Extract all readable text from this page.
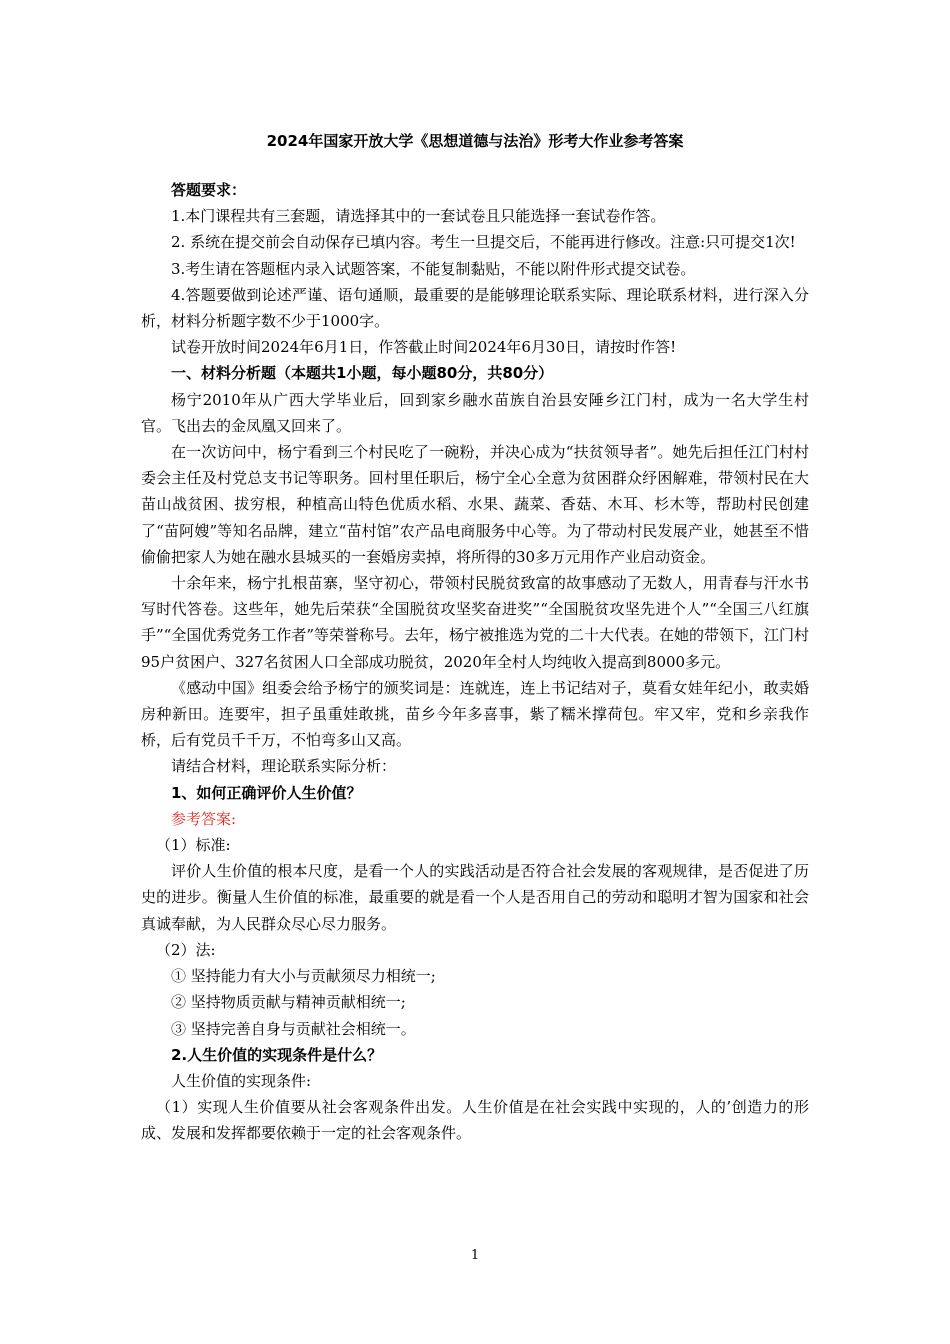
2024年国家开放大学《思想道德与法治》形考大作业参考答案

答题要求：

1.本门课程共有三套题，请选择其中的一套试卷且只能选择一套试卷作答。

2. 系统在提交前会自动保存已填内容。考生一旦提交后，不能再进行修改。注意:只可提交1次!

3.考生请在答题框内录入试题答案，不能复制黏贴，不能以附件形式提交试卷。

4.答题要做到论述严谨、语句通顺，最重要的是能够理论联系实际、理论联系材料，进行深入分析，材料分析题字数不少于1000字。

试卷开放时间2024年6月1日，作答截止时间2024年6月30日，请按时作答!

一、材料分析题（本题共1小题，每小题80分，共80分）

杨宁2010年从广西大学毕业后，回到家乡融水苗族自治县安陲乡江门村，成为一名大学生村官。飞出去的金凤凰又回来了。

在一次访问中，杨宁看到三个村民吃了一碗粉，并决心成为“扶贫领导者”。她先后担任江门村村委会主任及村党总支书记等职务。回村里任职后，杨宁全心全意为贫困群众纾困解难，带领村民在大苗山战贫困、拔穷根，种植高山特色优质水稻、水果、蔬菜、香菇、木耳、杉木等，帮助村民创建了“苗阿嫂”等知名品牌，建立“苗村馆”农产品电商服务中心等。为了带动村民发展产业，她甚至不惜偷偷把家人为她在融水县城买的一套婚房卖掉，将所得的30多万元用作产业启动资金。

十余年来，杨宁扎根苗寨，坚守初心，带领村民脱贫致富的故事感动了无数人，用青春与汗水书写时代答卷。这些年，她先后荣获“全国脱贫攻坚奖奋进奖”“全国脱贫攻坚先进个人”“全国三八红旗手”“全国优秀党务工作者”等荣誉称号。去年，杨宁被推选为党的二十大代表。在她的带领下，江门村95户贫困户、327名贫困人口全部成功脱贫，2020年全村人均纯收入提高到8000多元。

《感动中国》组委会给予杨宁的颁奖词是：连就连，连上书记结对子，莫看女娃年纪小，敢卖婚房种新田。连要牢，担子虽重娃敢挑，苗乡今年多喜事，紫了糯米撑荷包。牢又牢，党和乡亲我作桥，后有党员千千万，不怕弯多山又高。

请结合材料，理论联系实际分析：

1、如何正确评价人生价值？

参考答案:

（1）标准:

评价人生价值的根本尺度，是看一个人的实践活动是否符合社会发展的客观规律，是否促进了历史的进步。衡量人生价值的标准，最重要的就是看一个人是否用自己的劳动和聪明才智为国家和社会真诚奉献，为人民群众尽心尽力服务。

（2）法:

① 坚持能力有大小与贡献须尽力相统一;

② 坚持物质贡献与精神贡献相统一;

③ 坚持完善自身与贡献社会相统一。

2.人生价值的实现条件是什么？

人生价值的实现条件:

（1）实现人生价值要从社会客观条件出发。人生价值是在社会实践中实现的，人的’创造力的形成、发展和发挥都要依赖于一定的社会客观条件。

1
